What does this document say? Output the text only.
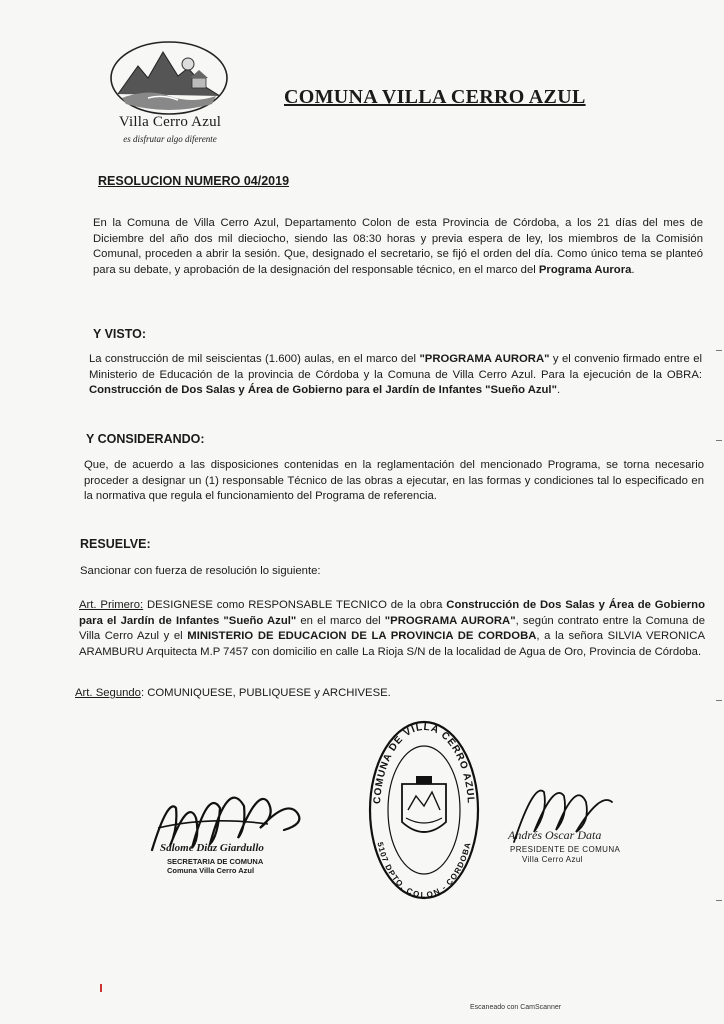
Villa Cerro Azul
es disfrutar algo diferente
COMUNA VILLA CERRO AZUL
RESOLUCION NUMERO 04/2019
En la Comuna de Villa Cerro Azul, Departamento Colon de esta Provincia de Córdoba, a los 21 días del mes de Diciembre del año dos mil dieciocho, siendo las 08:30 horas y previa espera de ley, los miembros de la Comisión Comunal, proceden a abrir la sesión. Que, designado el secretario, se fijó el orden del día. Como único tema se planteó para su debate, y aprobación de la designación del responsable técnico, en el marco del Programa Aurora.
Y VISTO:
La construcción de mil seiscientas (1.600) aulas, en el marco del "PROGRAMA AURORA" y el convenio firmado entre el Ministerio de Educación de la provincia de Córdoba y la Comuna de Villa Cerro Azul. Para la ejecución de la OBRA: Construcción de Dos Salas y Área de Gobierno para el Jardín de Infantes "Sueño Azul".
Y CONSIDERANDO:
Que, de acuerdo a las disposiciones contenidas en la reglamentación del mencionado Programa, se torna necesario proceder a designar un (1) responsable Técnico de las obras a ejecutar, en las formas y condiciones tal lo especificado en la normativa que regula el funcionamiento del Programa de referencia.
RESUELVE:
Sancionar con fuerza de resolución lo siguiente:
Art. Primero: DESIGNESE como RESPONSABLE TECNICO de la obra Construcción de Dos Salas y Área de Gobierno para el Jardín de Infantes "Sueño Azul" en el marco del "PROGRAMA AURORA", según contrato entre la Comuna de Villa Cerro Azul y el MINISTERIO DE EDUCACION DE LA PROVINCIA DE CORDOBA, a la señora SILVIA VERONICA ARAMBURU Arquitecta M.P 7457 con domicilio en calle La Rioja S/N de la localidad de Agua de Oro, Provincia de Córdoba.
Art. Segundo: COMUNIQUESE, PUBLIQUESE y ARCHIVESE.
Salome Diaz Giardullo
SECRETARIA DE COMUNA
Comuna Villa Cerro Azul
COMUNA DE VILLA CERRO AZUL
5107 DPTO. COLON - CORDOBA
Andrés Oscar Data
PRESIDENTE DE COMUNA
Villa Cerro Azul
Escaneado con CamScanner
